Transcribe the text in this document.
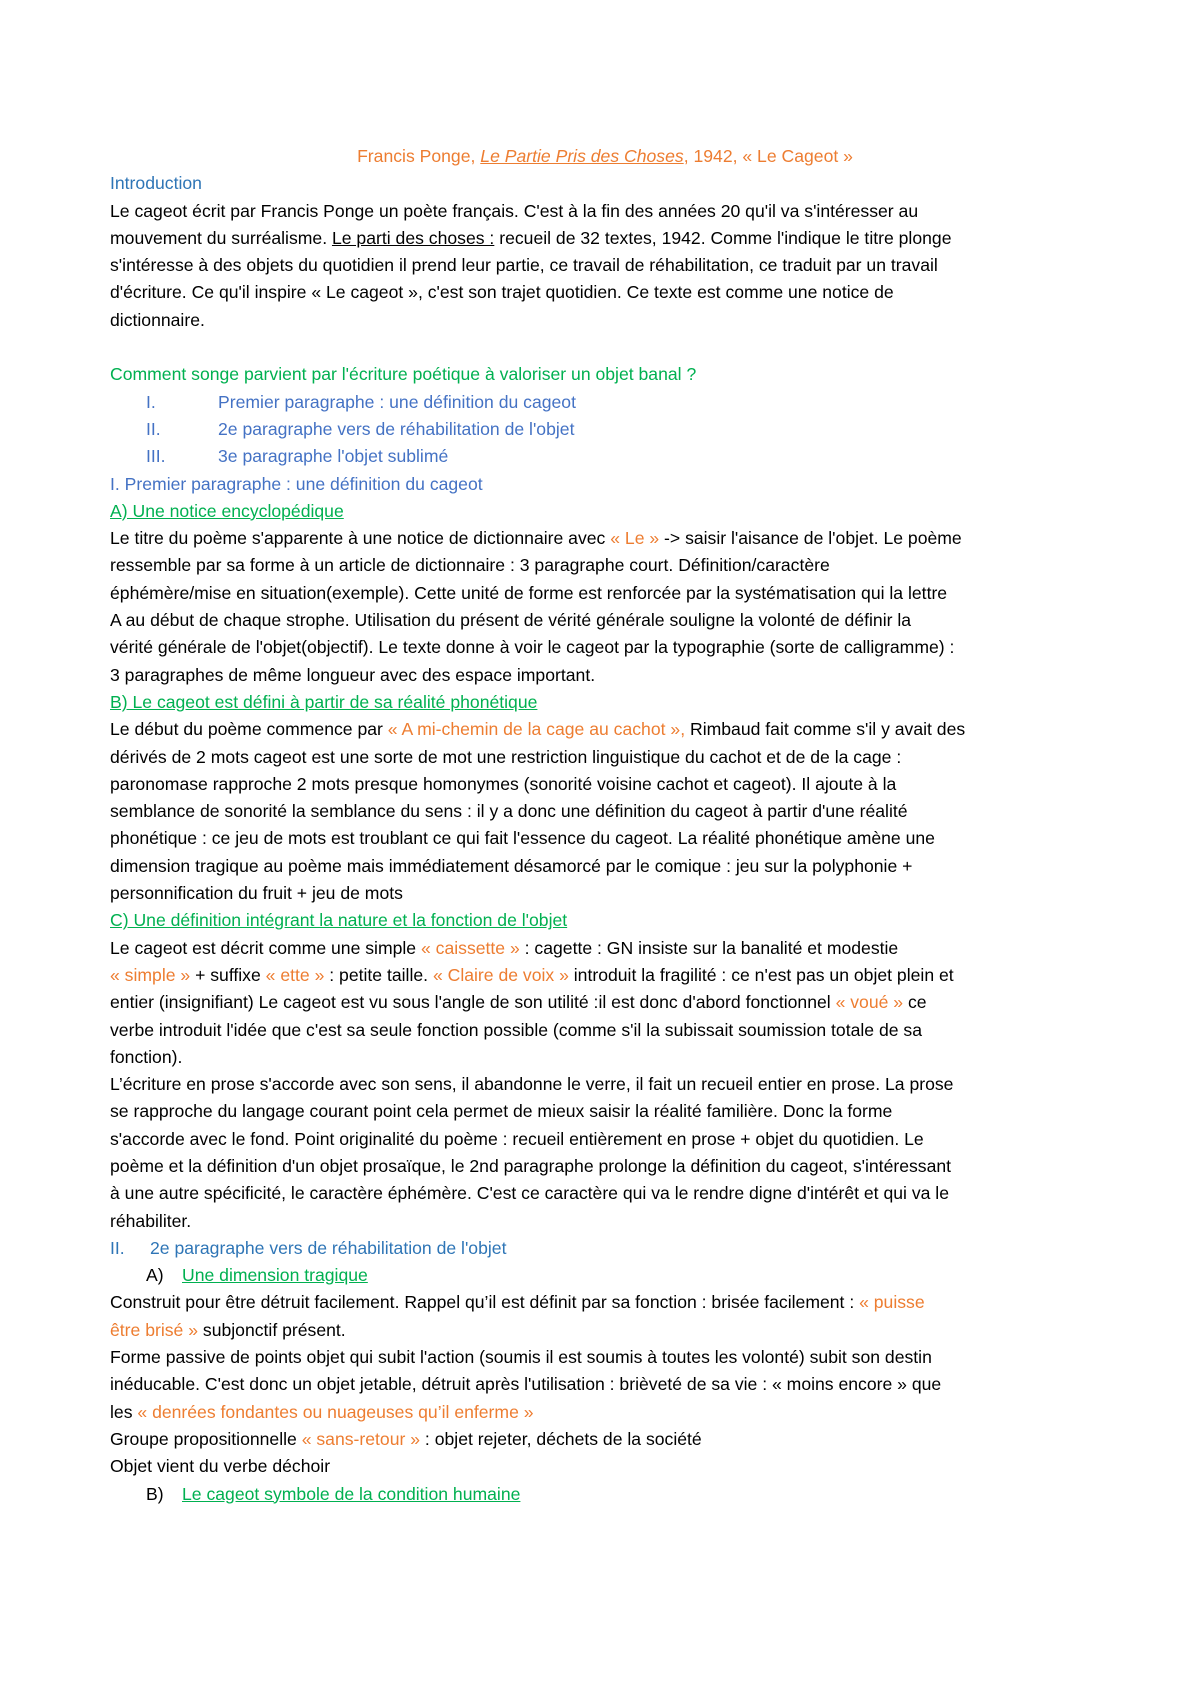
Francis Ponge, Le Partie Pris des Choses, 1942, « Le Cageot »
Introduction
Le cageot écrit par Francis Ponge un poète français. C'est à la fin des années 20 qu'il va s'intéresser au
mouvement du surréalisme. Le parti des choses : recueil de 32 textes, 1942. Comme l'indique le titre plonge
s'intéresse à des objets du quotidien il prend leur partie, ce travail de réhabilitation, ce traduit par un travail
d'écriture. Ce qu'il inspire « Le cageot », c'est son trajet quotidien. Ce texte est comme une notice de
dictionnaire.
Comment songe parvient par l'écriture poétique à valoriser un objet banal ?
I.	Premier paragraphe : une définition du cageot
II.	2e paragraphe vers de réhabilitation de l'objet
III.	3e paragraphe l'objet sublimé
I. Premier paragraphe : une définition du cageot
A) Une notice encyclopédique
Le titre du poème s'apparente à une notice de dictionnaire avec « Le » -> saisir l'aisance de l'objet. Le poème
ressemble par sa forme à un article de dictionnaire : 3 paragraphe court. Définition/caractère
éphémère/mise en situation(exemple). Cette unité de forme est renforcée par la systématisation qui la lettre
A au début de chaque strophe. Utilisation du présent de vérité générale souligne la volonté de définir la
vérité générale de l'objet(objectif). Le texte donne à voir le cageot par la typographie (sorte de calligramme) :
3 paragraphes de même longueur avec des espace important.
B) Le cageot est défini à partir de sa réalité phonétique
Le début du poème commence par « A mi-chemin de la cage au cachot », Rimbaud fait comme s'il y avait des
dérivés de 2 mots cageot est une sorte de mot une restriction linguistique du cachot et de de la cage :
paronomase rapproche 2 mots presque homonymes (sonorité voisine cachot et cageot). Il ajoute à la
semblance de sonorité la semblance du sens : il y a donc une définition du cageot à partir d'une réalité
phonétique : ce jeu de mots est troublant ce qui fait l'essence du cageot. La réalité phonétique amène une
dimension tragique au poème mais immédiatement désamorcé par le comique : jeu sur la polyphonie +
personnification du fruit + jeu de mots
C) Une définition intégrant la nature et la fonction de l'objet
Le cageot est décrit comme une simple « caissette » : cagette : GN insiste sur la banalité et modestie
« simple » + suffixe « ette » : petite taille. « Claire de voix » introduit la fragilité : ce n'est pas un objet plein et
entier (insignifiant) Le cageot est vu sous l'angle de son utilité :il est donc d'abord fonctionnel « voué » ce
verbe introduit l'idée que c'est sa seule fonction possible (comme s'il la subissait soumission totale de sa
fonction).
L’écriture en prose s'accorde avec son sens, il abandonne le verre, il fait un recueil entier en prose. La prose
se rapproche du langage courant point cela permet de mieux saisir la réalité familière. Donc la forme
s'accorde avec le fond. Point originalité du poème : recueil entièrement en prose + objet du quotidien. Le
poème et la définition d'un objet prosaïque, le 2nd paragraphe prolonge la définition du cageot, s'intéressant
à une autre spécificité, le caractère éphémère. C'est ce caractère qui va le rendre digne d'intérêt et qui va le
réhabiliter.
II. 2e paragraphe vers de réhabilitation de l'objet
A) Une dimension tragique
Construit pour être détruit facilement. Rappel qu’il est définit par sa fonction : brisée facilement : « puisse
être brisé » subjonctif présent.
Forme passive de points objet qui subit l'action (soumis il est soumis à toutes les volonté) subit son destin
inéducable. C'est donc un objet jetable, détruit après l'utilisation : brièveté de sa vie : « moins encore » que
les « denrées fondantes ou nuageuses qu’il enferme »
Groupe propositionnelle « sans-retour » : objet rejeter, déchets de la société
Objet vient du verbe déchoir
B) Le cageot symbole de la condition humaine
